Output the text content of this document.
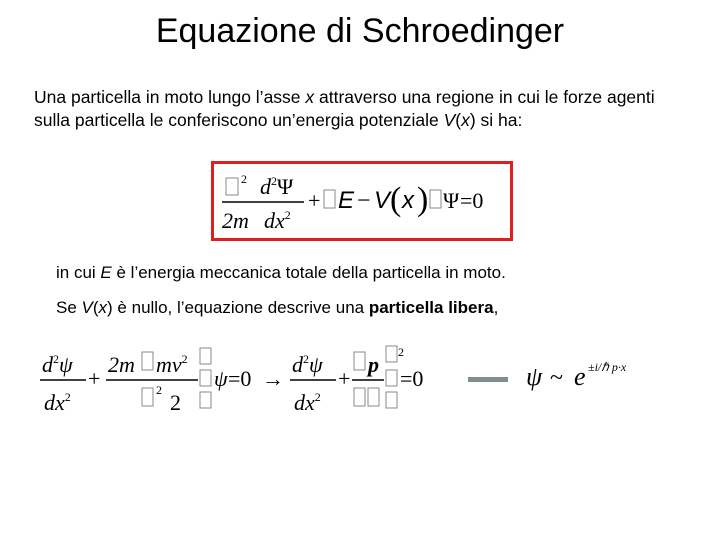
Equazione di Schroedinger
Una particella in moto lungo l’asse x attraverso una regione in cui le forze agenti sulla particella le conferiscono un’energia potenziale V(x) si ha:
2 $d^2\Psi$
2m $dx^2$
+ E − V ( x ) Ψ =0
in cui E è l’energia meccanica totale della particella in moto.
Se V(x) è nullo, l’equazione descrive una particella libera,
$d^2\psi$
$dx^2$
+
2m $mv^2$
2 2
ψ =0 →
$d^2\psi$
$dx^2$
+
p 2
=0	ψ ~ e ±i/ℏ p·x
